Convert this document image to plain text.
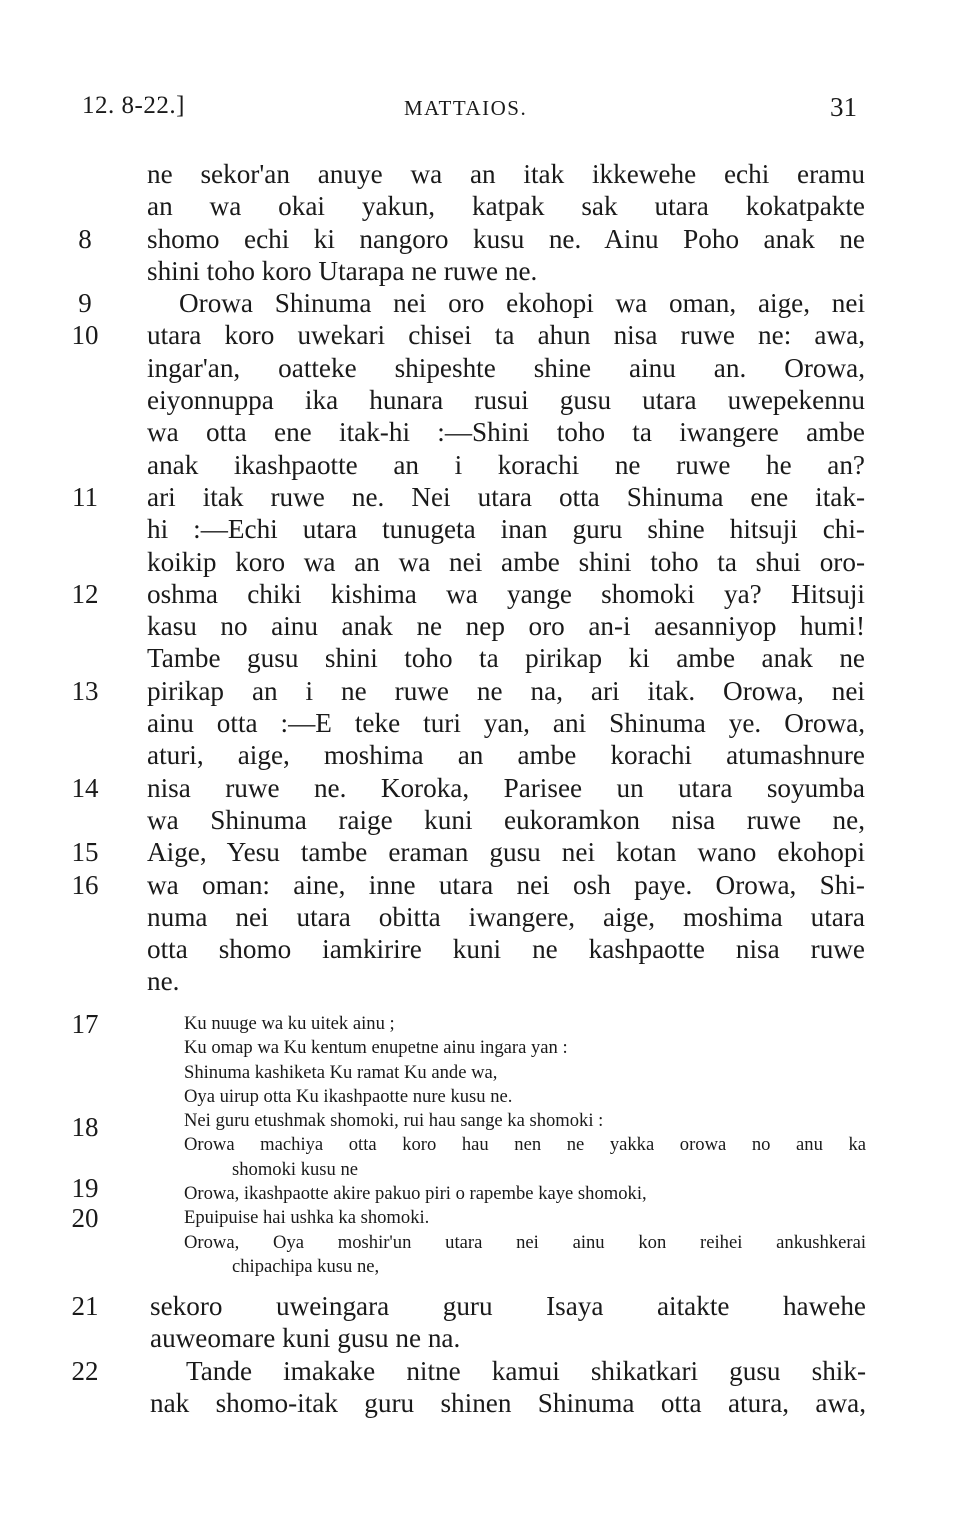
12. 8-22.]	MATTAIOS.	31
ne sekor'an anuye wa an itak ikkewehe echi eramu
an wa okai yakun, katpak sak utara kokatpakte
8	shomo echi ki nangoro kusu ne. Ainu Poho anak ne
shini toho koro Utarapa ne ruwe ne.
9	Orowa Shinuma nei oro ekohopi wa oman, aige, nei
10	utara koro uwekari chisei ta ahun nisa ruwe ne: awa,
ingar'an, oatteke shipeshte shine ainu an. Orowa,
eiyonnuppa ika hunara rusui gusu utara uwepekennu
wa otta ene itak-hi :—Shini toho ta iwangere ambe
anak ikashpaotte an i korachi ne ruwe he an?
11	ari itak ruwe ne. Nei utara otta Shinuma ene itak-
hi :—Echi utara tunugeta inan guru shine hitsuji chi-
koikip koro wa an wa nei ambe shini toho ta shui oro-
12	oshma chiki kishima wa yange shomoki ya? Hitsuji
kasu no ainu anak ne nep oro an-i aesanniyop humi!
Tambe gusu shini toho ta pirikap ki ambe anak ne
13	pirikap an i ne ruwe ne na, ari itak. Orowa, nei
ainu otta :—E teke turi yan, ani Shinuma ye. Orowa,
aturi, aige, moshima an ambe korachi atumashnure
14	nisa ruwe ne. Koroka, Parisee un utara soyumba
wa Shinuma raige kuni eukoramkon nisa ruwe ne,
15	Aige, Yesu tambe eraman gusu nei kotan wano ekohopi
16	wa oman: aine, inne utara nei osh paye. Orowa, Shi-
numa nei utara obitta iwangere, aige, moshima utara
otta shomo iamkirire kuni ne kashpaotte nisa ruwe
ne.
17	Ku nuuge wa ku uitek ainu ;
Ku omap wa Ku kentum enupetne ainu ingara yan :
Shinuma kashiketa Ku ramat Ku ande wa,
Oya uirup otta Ku ikashpaotte nure kusu ne.
18	Nei guru etushmak shomoki, rui hau sange ka shomoki :
Orowa machiya otta koro hau nen ne yakka orowa no anu ka
shomoki kusu ne
19	Orowa, ikashpaotte akire pakuo piri o rapembe kaye shomoki,
20	Epuipuise hai ushka ka shomoki.
Orowa, Oya moshir'un utara nei ainu kon reihei ankushkerai
chipachipa kusu ne,
21	sekoro uweingara guru Isaya aitakte hawehe
auweomare kuni gusu ne na.
22	Tande imakake nitne kamui shikatkari gusu shik-
nak shomo-itak guru shinen Shinuma otta atura, awa,
